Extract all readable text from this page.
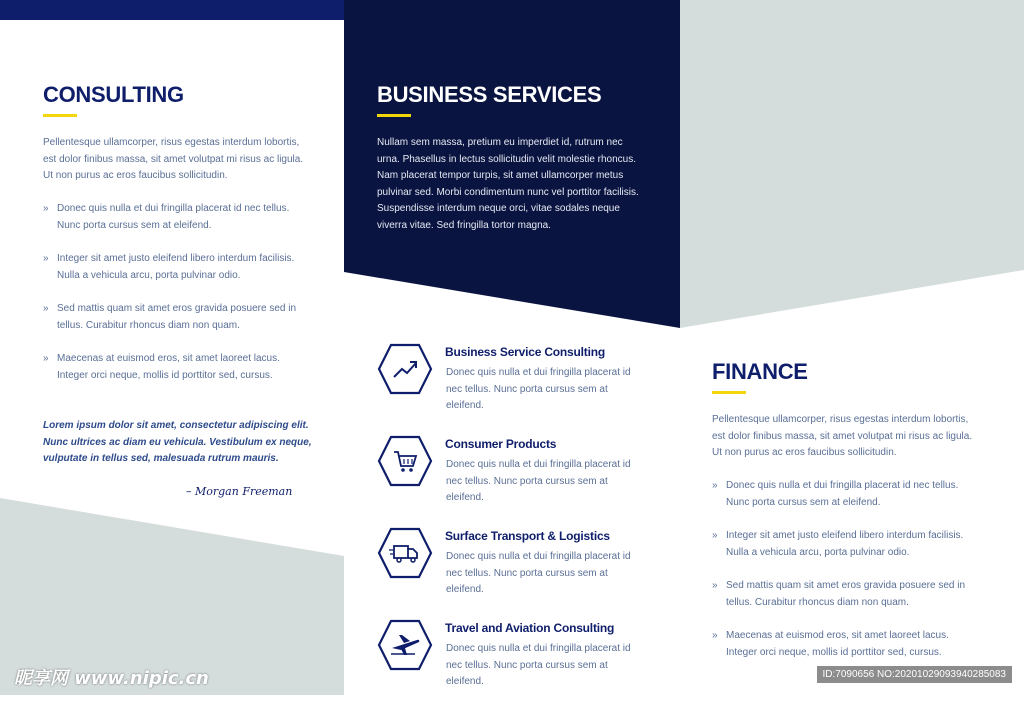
CONSULTING
Pellentesque ullamcorper, risus egestas interdum lobortis, est dolor finibus massa, sit amet volutpat mi risus ac ligula. Ut non purus ac eros faucibus sollicitudin.
» Donec quis nulla et dui fringilla placerat id nec tellus. Nunc porta cursus sem at eleifend.
» Integer sit amet justo eleifend libero interdum facilisis. Nulla a vehicula arcu, porta pulvinar odio.
» Sed mattis quam sit amet eros gravida posuere sed in tellus. Curabitur rhoncus diam non quam.
» Maecenas at euismod eros, sit amet laoreet lacus. Integer orci neque, mollis id porttitor sed, cursus.
Lorem ipsum dolor sit amet, consectetur adipiscing elit. Nunc ultrices ac diam eu vehicula. Vestibulum ex neque, vulputate in tellus sed, malesuada rutrum mauris.
– Morgan Freeman
BUSINESS SERVICES
Nullam sem massa, pretium eu imperdiet id, rutrum nec urna. Phasellus in lectus sollicitudin velit molestie rhoncus. Nam placerat tempor turpis, sit amet ullamcorper metus pulvinar sed. Morbi condimentum nunc vel porttitor facilisis. Suspendisse interdum neque orci, vitae sodales neque viverra vitae. Sed fringilla tortor magna.
Business Service Consulting
Donec quis nulla et dui fringilla placerat id nec tellus. Nunc porta cursus sem at eleifend.
Consumer Products
Donec quis nulla et dui fringilla placerat id nec tellus. Nunc porta cursus sem at eleifend.
Surface Transport & Logistics
Donec quis nulla et dui fringilla placerat id nec tellus. Nunc porta cursus sem at eleifend.
Travel and Aviation Consulting
Donec quis nulla et dui fringilla placerat id nec tellus. Nunc porta cursus sem at eleifend.
FINANCE
Pellentesque ullamcorper, risus egestas interdum lobortis, est dolor finibus massa, sit amet volutpat mi risus ac ligula. Ut non purus ac eros faucibus sollicitudin.
» Donec quis nulla et dui fringilla placerat id nec tellus. Nunc porta cursus sem at eleifend.
» Integer sit amet justo eleifend libero interdum facilisis. Nulla a vehicula arcu, porta pulvinar odio.
» Sed mattis quam sit amet eros gravida posuere sed in tellus. Curabitur rhoncus diam non quam.
» Maecenas at euismod eros, sit amet laoreet lacus. Integer orci neque, mollis id porttitor sed, cursus.
昵享网 www.nipic.cn	ID:7090656 NO:20201029093940285083
